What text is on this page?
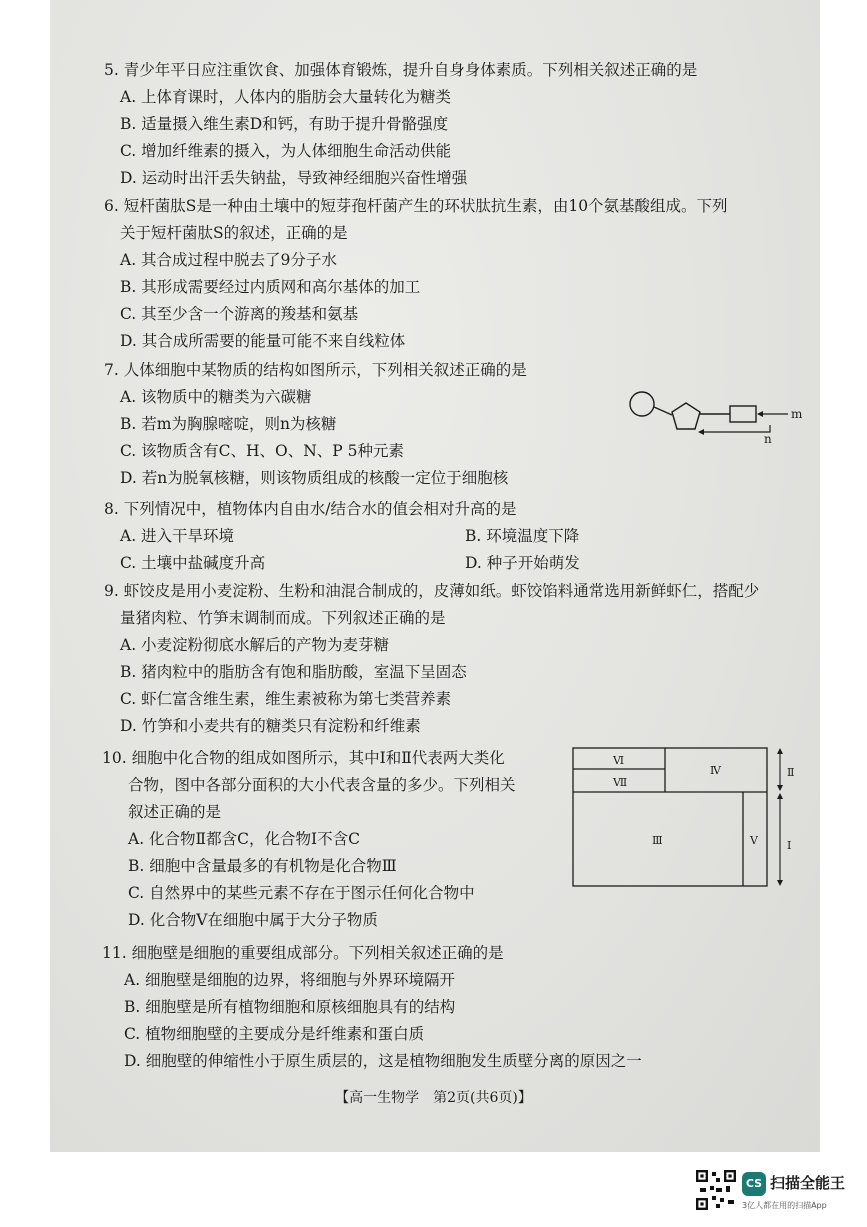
5. 青少年平日应注重饮食、加强体育锻炼，提升自身身体素质。下列相关叙述正确的是
A. 上体育课时，人体内的脂肪会大量转化为糖类
B. 适量摄入维生素D和钙，有助于提升骨骼强度
C. 增加纤维素的摄入，为人体细胞生命活动供能
D. 运动时出汗丢失钠盐，导致神经细胞兴奋性增强
6. 短杆菌肽S是一种由土壤中的短芽孢杆菌产生的环状肽抗生素，由10个氨基酸组成。下列
关于短杆菌肽S的叙述，正确的是
A. 其合成过程中脱去了9分子水
B. 其形成需要经过内质网和高尔基体的加工
C. 其至少含一个游离的羧基和氨基
D. 其合成所需要的能量可能不来自线粒体
7. 人体细胞中某物质的结构如图所示，下列相关叙述正确的是
A. 该物质中的糖类为六碳糖
B. 若m为胸腺嘧啶，则n为核糖
C. 该物质含有C、H、O、N、P 5种元素
D. 若n为脱氧核糖，则该物质组成的核酸一定位于细胞核
m
n
8. 下列情况中，植物体内自由水/结合水的值会相对升高的是
A. 进入干旱环境	B. 环境温度下降
C. 土壤中盐碱度升高	D. 种子开始萌发
9. 虾饺皮是用小麦淀粉、生粉和油混合制成的，皮薄如纸。虾饺馅料通常选用新鲜虾仁，搭配少
量猪肉粒、竹笋末调制而成。下列叙述正确的是
A. 小麦淀粉彻底水解后的产物为麦芽糖
B. 猪肉粒中的脂肪含有饱和脂肪酸，室温下呈固态
C. 虾仁富含维生素，维生素被称为第七类营养素
D. 竹笋和小麦共有的糖类只有淀粉和纤维素
10. 细胞中化合物的组成如图所示，其中Ⅰ和Ⅱ代表两大类化
合物，图中各部分面积的大小代表含量的多少。下列相关
叙述正确的是
A. 化合物Ⅱ都含C，化合物Ⅰ不含C
B. 细胞中含量最多的有机物是化合物Ⅲ
C. 自然界中的某些元素不存在于图示任何化合物中
D. 化合物Ⅴ在细胞中属于大分子物质
Ⅵ
Ⅶ
Ⅳ
Ⅲ	Ⅴ
Ⅱ
Ⅰ
11. 细胞壁是细胞的重要组成部分。下列相关叙述正确的是
A. 细胞壁是细胞的边界，将细胞与外界环境隔开
B. 细胞壁是所有植物细胞和原核细胞具有的结构
C. 植物细胞壁的主要成分是纤维素和蛋白质
D. 细胞壁的伸缩性小于原生质层的，这是植物细胞发生质壁分离的原因之一
【高一生物学　第2页(共6页)】
CS 扫描全能王
3亿人都在用的扫描App
